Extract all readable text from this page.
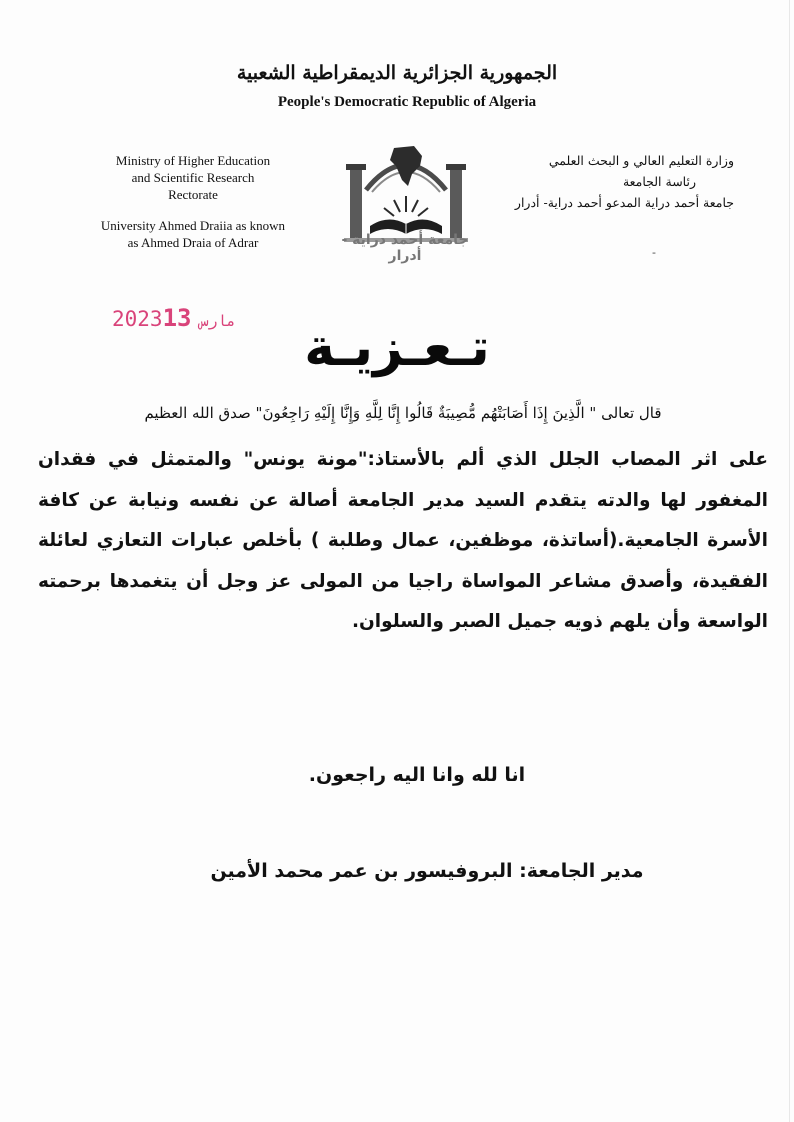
الجمهورية الجزائرية الديمقراطية الشعبية
People's Democratic Republic of Algeria
Ministry of Higher Education
and Scientific Research
Rectorate
University Ahmed Draiia as known
as Ahmed Draia of Adrar
وزارة التعليم العالي و البحث العلمي
رئاسة الجامعة
جامعة أحمد دراية المدعو أحمد دراية- أدرار
جامعة أحمد دراية - أدرار	-
2023 مارس13	تـعـزيـة
قال تعالى " الَّذِينَ إِذَا أَصَابَتْهُم مُّصِيبَةٌ قَالُوا إِنَّا لِلَّهِ وَإِنَّا إِلَيْهِ رَاجِعُونَ" صدق الله العظيم

على اثر المصاب الجلل الذي ألم بالأستاذ:"مونة يونس" والمتمثل في فقدان المغفور لها والدته يتقدم السيد مدير الجامعة أصالة عن نفسه ونيابة عن كافة الأسرة الجامعية.(أساتذة، موظفين، عمال وطلبة ) بأخلص عبارات التعازي لعائلة الفقيدة، وأصدق مشاعر المواساة راجيا من المولى عز وجل أن يتغمدها برحمته الواسعة وأن يلهم ذويه جميل الصبر والسلوان.

انا لله وانا اليه راجعون.
مدير الجامعة: البروفيسور بن عمر محمد الأمين
